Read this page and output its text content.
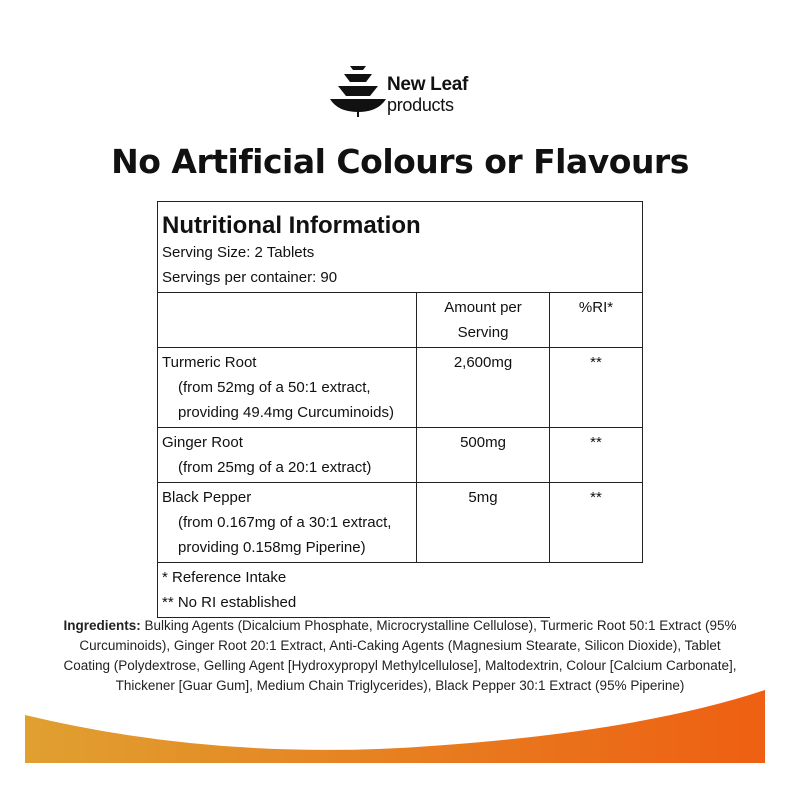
New Leaf
products
No Artificial Colours or Flavours
Nutritional Information
Serving Size: 2 Tablets
Servings per container: 90		

	Amount per Serving	%RI*

Turmeric Root
(from 52mg of a 50:1 extract,
providing 49.4mg Curcuminoids)	2,600mg	**

Ginger Root
(from 25mg of a 20:1 extract)	500mg	**

Black Pepper
(from 0.167mg of a 30:1 extract,
providing 0.158mg Piperine)	5mg	**

* Reference Intake
** No RI established		

Ingredients: Bulking Agents (Dicalcium Phosphate, Microcrystalline Cellulose), Turmeric Root 50:1 Extract (95% Curcuminoids), Ginger Root 20:1 Extract, Anti-Caking Agents (Magnesium Stearate, Silicon Dioxide), Tablet Coating (Polydextrose, Gelling Agent [Hydroxypropyl Methylcellulose], Maltodextrin, Colour [Calcium Carbonate], Thickener [Guar Gum], Medium Chain Triglycerides), Black Pepper 30:1 Extract (95% Piperine)
